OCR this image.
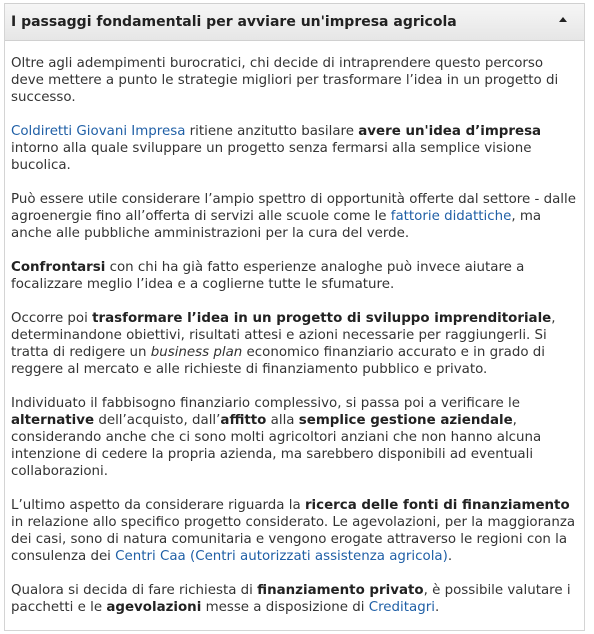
I passaggi fondamentali per avviare un'impresa agricola

Oltre agli adempimenti burocratici, chi decide di intraprendere questo percorso deve mettere a punto le strategie migliori per trasformare l’idea in un progetto di successo.

Coldiretti Giovani Impresa ritiene anzitutto basilare avere un'idea d’impresa intorno alla quale sviluppare un progetto senza fermarsi alla semplice visione bucolica.

Può essere utile considerare l’ampio spettro di opportunità offerte dal settore - dalle agroenergie fino all’offerta di servizi alle scuole come le fattorie didattiche, ma anche alle pubbliche amministrazioni per la cura del verde.

Confrontarsi con chi ha già fatto esperienze analoghe può invece aiutare a focalizzare meglio l’idea e a coglierne tutte le sfumature.

Occorre poi trasformare l’idea in un progetto di sviluppo imprenditoriale, determinandone obiettivi, risultati attesi e azioni necessarie per raggiungerli. Si tratta di redigere un business plan economico finanziario accurato e in grado di reggere al mercato e alle richieste di finanziamento pubblico e privato.

Individuato il fabbisogno finanziario complessivo, si passa poi a verificare le alternative dell’acquisto, dall’affitto alla semplice gestione aziendale, considerando anche che ci sono molti agricoltori anziani che non hanno alcuna intenzione di cedere la propria azienda, ma sarebbero disponibili ad eventuali collaborazioni.

L’ultimo aspetto da considerare riguarda la ricerca delle fonti di finanziamento in relazione allo specifico progetto considerato. Le agevolazioni, per la maggioranza dei casi, sono di natura comunitaria e vengono erogate attraverso le regioni con la consulenza dei Centri Caa (Centri autorizzati assistenza agricola).

Qualora si decida di fare richiesta di finanziamento privato, è possibile valutare i pacchetti e le agevolazioni messe a disposizione di Creditagri.
